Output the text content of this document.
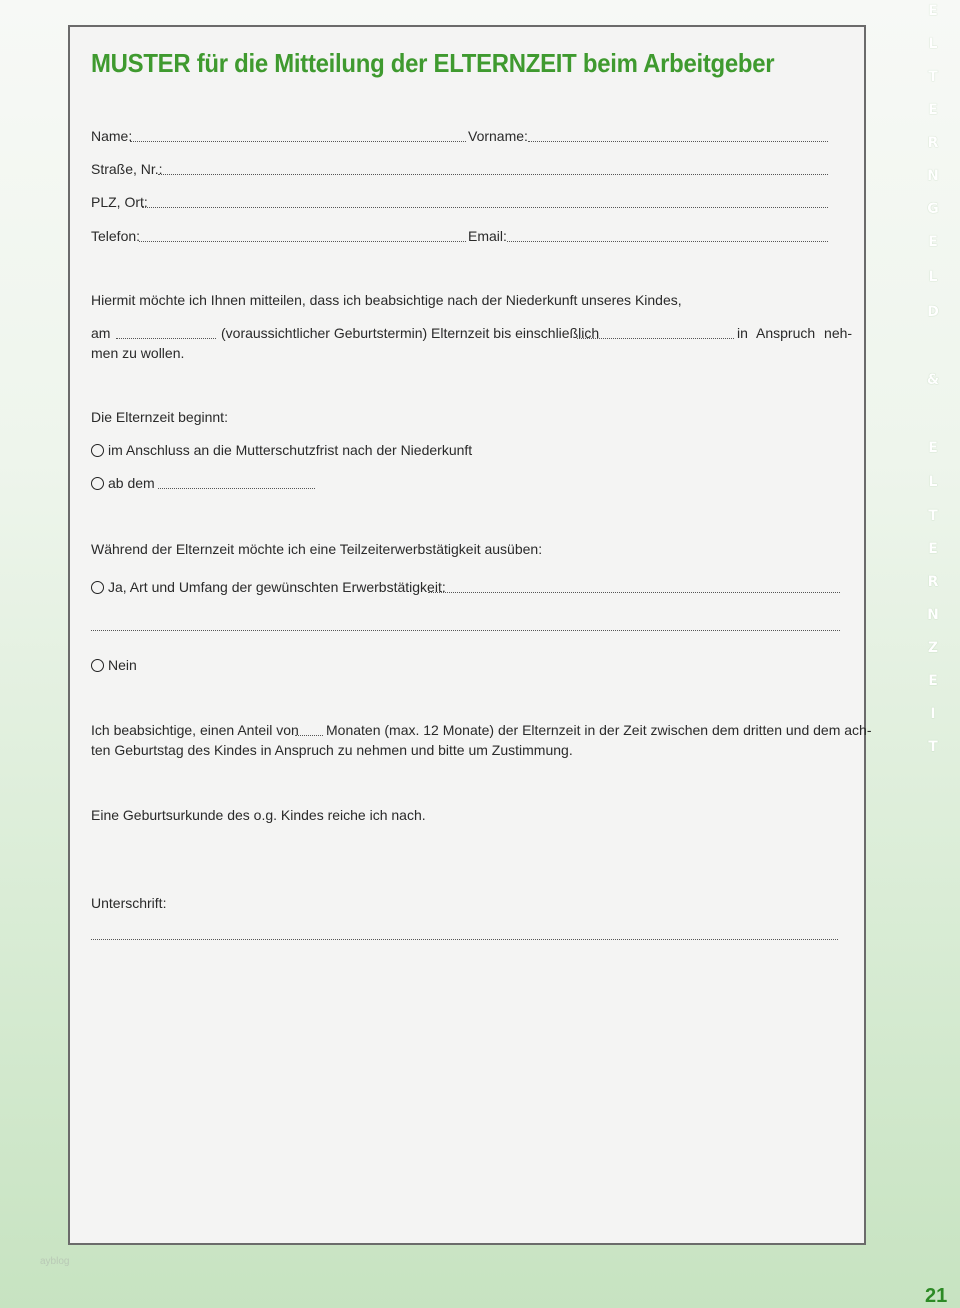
MUSTER für die Mitteilung der ELTERNZEIT beim Arbeitgeber
Name:	Vorname:
Straße, Nr.:
PLZ, Ort:
Telefon:	Email:
Hiermit möchte ich Ihnen mitteilen, dass ich beabsichtige nach der Niederkunft unseres Kindes,
am	(voraussichtlicher Geburtstermin) Elternzeit bis einschließlich	in Anspruch neh-
men zu wollen.
Die Elternzeit beginnt:
im Anschluss an die Mutterschutzfrist nach der Niederkunft
ab dem
Während der Elternzeit möchte ich eine Teilzeiterwerbstätigkeit ausüben:
Ja, Art und Umfang der gewünschten Erwerbstätigkeit:
Nein
Ich beabsichtige, einen Anteil von Monaten (max. 12 Monate) der Elternzeit in der Zeit zwischen dem dritten und dem ach-
ten Geburtstag des Kindes in Anspruch zu nehmen und bitte um Zustimmung.
Eine Geburtsurkunde des o.g. Kindes reiche ich nach.
Unterschrift:
E
L
T
E
R
N
G
E
L
D
&
E
L
T
E
R
N
Z
E
I
T
21
ayblog
